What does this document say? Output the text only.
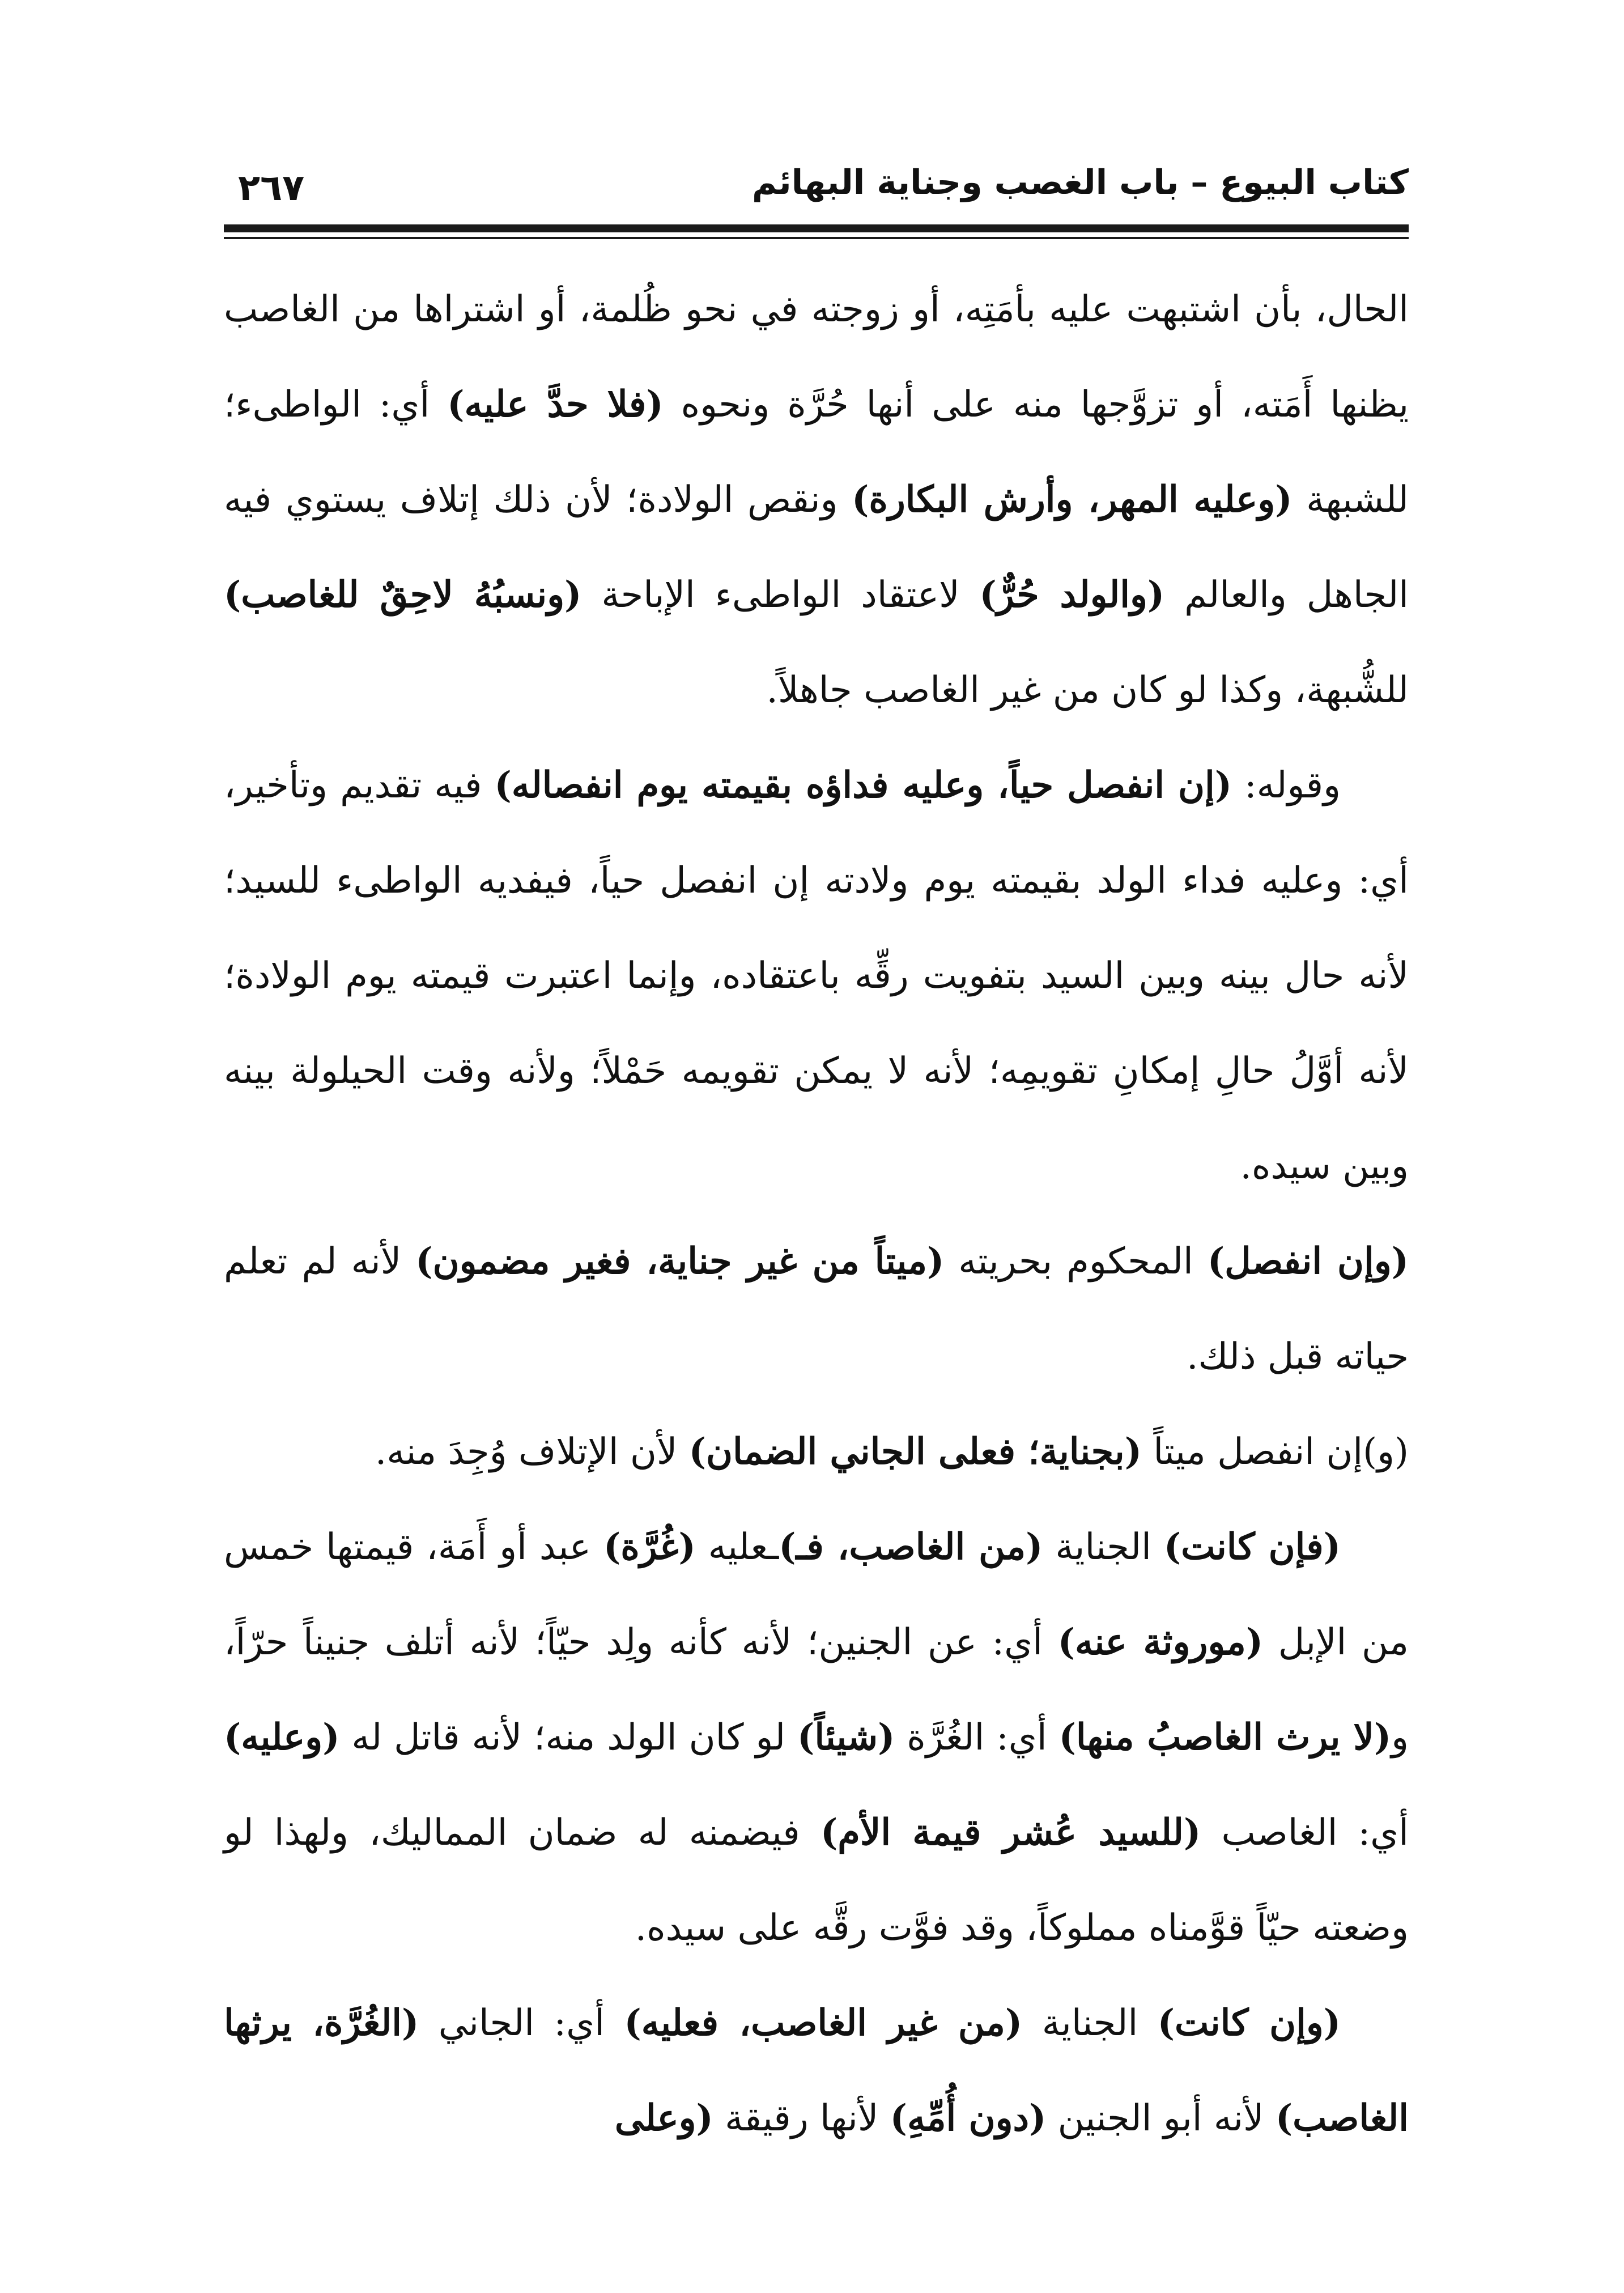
كتاب البيوع – باب الغصب وجناية البهائم
٢٦٧

الحال، بأن اشتبهت عليه بأمَتِه، أو زوجته في نحو ظُلمة، أو اشتراها من الغاصب يظنها أَمَته، أو تزوَّجها منه على أنها حُرَّة ونحوه (فلا حدَّ عليه) أي: الواطىء؛ للشبهة (وعليه المهر، وأرش البكارة) ونقص الولادة؛ لأن ذلك إتلاف يستوي فيه الجاهل والعالم (والولد حُرٌّ) لاعتقاد الواطىء الإباحة (ونسبُهُ لاحِقٌ للغاصب) للشُّبهة، وكذا لو كان من غير الغاصب جاهلاً.

وقوله: (إن انفصل حياً، وعليه فداؤه بقيمته يوم انفصاله) فيه تقديم وتأخير، أي: وعليه فداء الولد بقيمته يوم ولادته إن انفصل حياً، فيفديه الواطىء للسيد؛ لأنه حال بينه وبين السيد بتفويت رقِّه باعتقاده، وإنما اعتبرت قيمته يوم الولادة؛ لأنه أوَّلُ حالِ إمكانِ تقويمِه؛ لأنه لا يمكن تقويمه حَمْلاً؛ ولأنه وقت الحيلولة بينه وبين سيده.

(وإن انفصل) المحكوم بحريته (ميتاً من غير جناية، فغير مضمون) لأنه لم تعلم حياته قبل ذلك.

(و)إن انفصل ميتاً (بجناية؛ فعلى الجاني الضمان) لأن الإتلاف وُجِدَ منه.

(فإن كانت) الجناية (من الغاصب، فـ)ـعليه (غُرَّة) عبد أو أَمَة، قيمتها خمس من الإبل (موروثة عنه) أي: عن الجنين؛ لأنه كأنه ولِد حيّاً؛ لأنه أتلف جنيناً حرّاً، و(لا يرث الغاصبُ منها) أي: الغُرَّة (شيئاً) لو كان الولد منه؛ لأنه قاتل له (وعليه) أي: الغاصب (للسيد عُشر قيمة الأم) فيضمنه له ضمان المماليك، ولهذا لو وضعته حيّاً قوَّمناه مملوكاً، وقد فوَّت رقَّه على سيده.

(وإن كانت) الجناية (من غير الغاصب، فعليه) أي: الجاني (الغُرَّة، يرثها الغاصب) لأنه أبو الجنين (دون أُمِّهِ) لأنها رقيقة (وعلى
